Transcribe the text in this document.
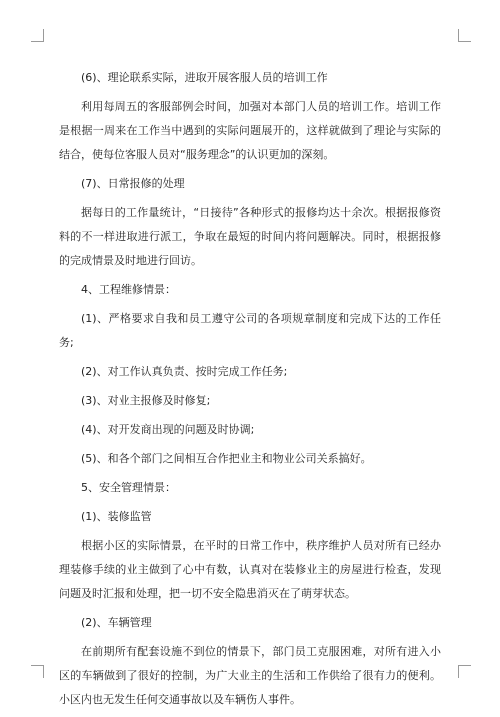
(6)、理论联系实际，进取开展客服人员的培训工作

利用每周五的客服部例会时间，加强对本部门人员的培训工作。培训工作是根据一周来在工作当中遇到的实际问题展开的，这样就做到了理论与实际的结合，使每位客服人员对“服务理念”的认识更加的深刻。

(7)、日常报修的处理

据每日的工作量统计，“日接待”各种形式的报修均达十余次。根据报修资料的不一样进取进行派工，争取在最短的时间内将问题解决。同时，根据报修的完成情景及时地进行回访。

4、工程维修情景：

(1)、严格要求自我和员工遵守公司的各项规章制度和完成下达的工作任务;

(2)、对工作认真负责、按时完成工作任务;

(3)、对业主报修及时修复;

(4)、对开发商出现的问题及时协调;

(5)、和各个部门之间相互合作把业主和物业公司关系搞好。

5、安全管理情景：

(1)、装修监管

根据小区的实际情景，在平时的日常工作中，秩序维护人员对所有已经办理装修手续的业主做到了心中有数，认真对在装修业主的房屋进行检查，发现问题及时汇报和处理，把一切不安全隐患消灭在了萌芽状态。

(2)、车辆管理

在前期所有配套设施不到位的情景下，部门员工克服困难，对所有进入小区的车辆做到了很好的控制，为广大业主的生活和工作供给了很有力的便利。小区内也无发生任何交通事故以及车辆伤人事件。
